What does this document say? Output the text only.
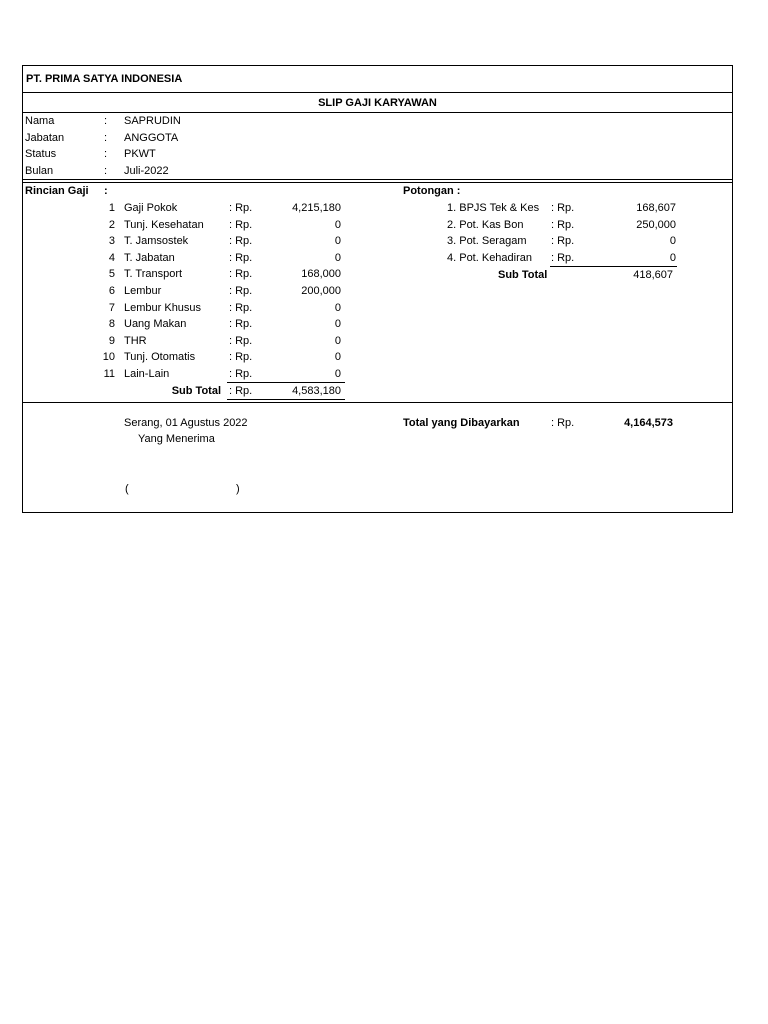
PT. PRIMA SATYA INDONESIA
SLIP GAJI KARYAWAN
Nama	: SAPRUDIN
Jabatan	: ANGGOTA
Status	: PKWT
Bulan	: Juli-2022
Rincian Gaji :
1 Gaji Pokok	: Rp.	4,215,180
2 Tunj. Kesehatan : Rp.	0
3 T. Jamsostek	: Rp.	0
4 T. Jabatan	: Rp.	0
5 T. Transport	: Rp.	168,000
6 Lembur	: Rp.	200,000
7 Lembur Khusus	: Rp.	0
8 Uang Makan	: Rp.	0
9 THR	: Rp.	0
10 Tunj. Otomatis	: Rp.	0
11 Lain-Lain	: Rp.	0
Sub Total : Rp.	4,583,180
Potongan :
1. BPJS Tek & Kes : Rp.	168,607
2. Pot. Kas Bon	: Rp.	250,000
3. Pot. Seragam : Rp.	0
4. Pot. Kehadiran : Rp.	0
Sub Total	418,607
Serang, 01 Agustus 2022
Yang Menerima
(	)
Total yang Dibayarkan	: Rp.	4,164,573
